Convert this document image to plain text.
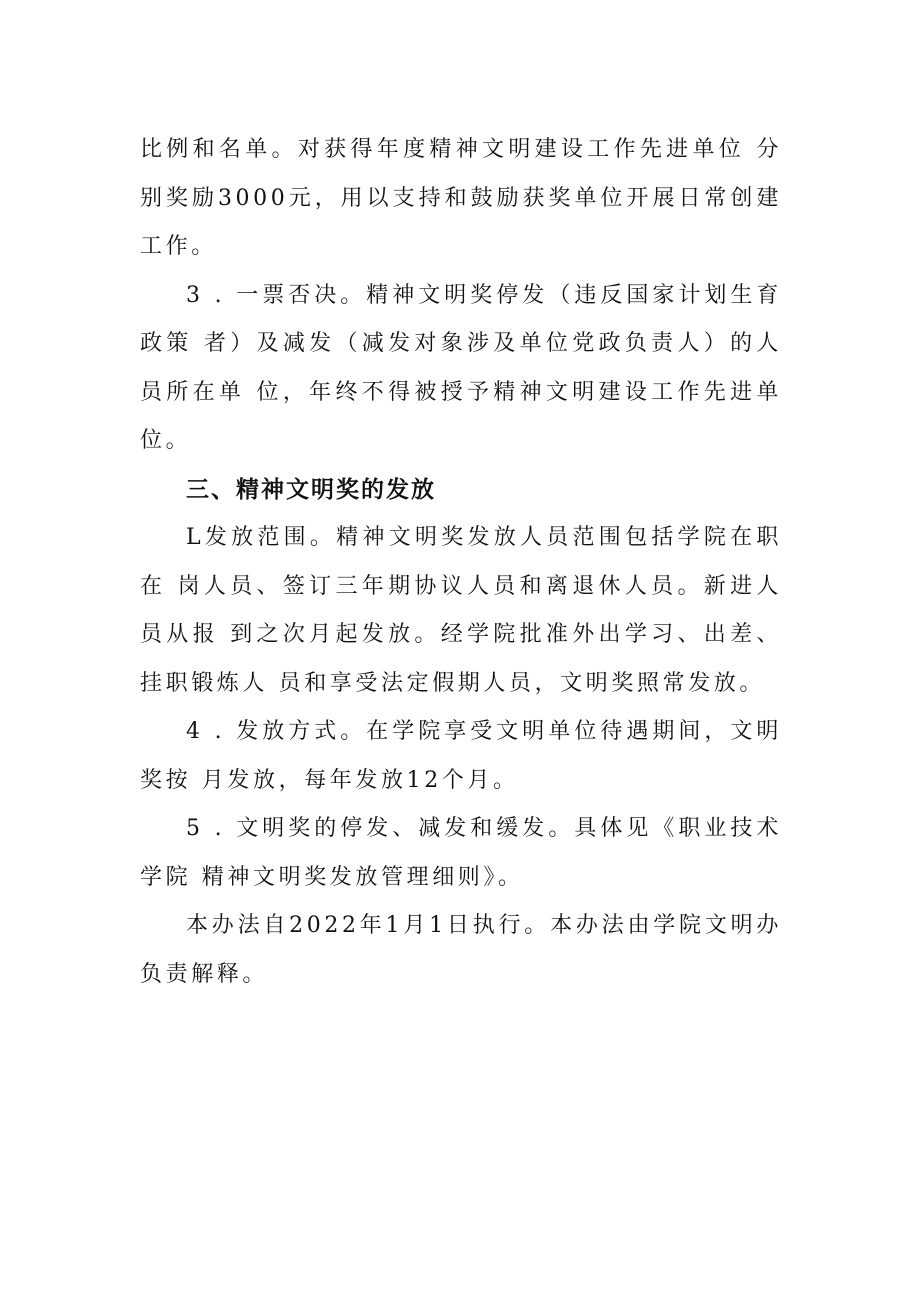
比例和名单。对获得年度精神文明建设工作先进单位 分别奖励3000元，用以支持和鼓励获奖单位开展日常创建 工作。

3 . 一票否决。精神文明奖停发（违反国家计划生育政策 者）及减发（减发对象涉及单位党政负责人）的人员所在单 位，年终不得被授予精神文明建设工作先进单位。

三、精神文明奖的发放

L发放范围。精神文明奖发放人员范围包括学院在职在 岗人员、签订三年期协议人员和离退休人员。新进人员从报 到之次月起发放。经学院批准外出学习、出差、挂职锻炼人 员和享受法定假期人员，文明奖照常发放。

4 . 发放方式。在学院享受文明单位待遇期间，文明奖按 月发放，每年发放12个月。

5 . 文明奖的停发、减发和缓发。具体见《职业技术学院 精神文明奖发放管理细则》。

本办法自2022年1月1日执行。本办法由学院文明办 负责解释。
